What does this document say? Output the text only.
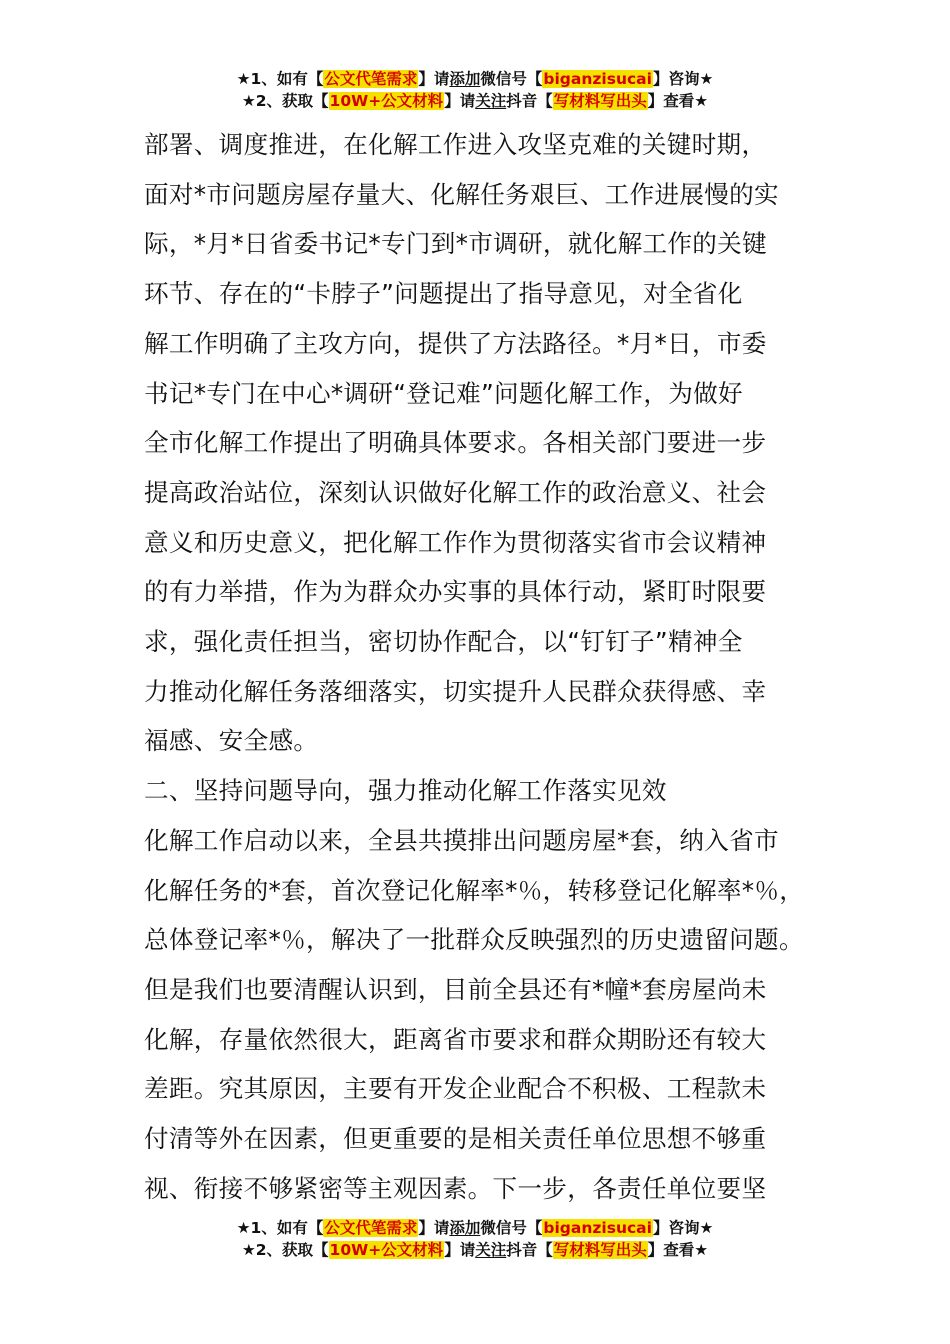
★1、如有【公文代笔需求】请添加微信号【biganzisucai】咨询★
★2、获取【10W+公文材料】请关注抖音【写材料写出头】查看★

部署、调度推进，在化解工作进入攻坚克难的关键时期，

面对*市问题房屋存量大、化解任务艰巨、工作进展慢的实

际，*月*日省委书记*专门到*市调研，就化解工作的关键

环节、存在的“卡脖子”问题提出了指导意见，对全省化

解工作明确了主攻方向，提供了方法路径。*月*日，市委

书记*专门在中心*调研“登记难”问题化解工作，为做好

全市化解工作提出了明确具体要求。各相关部门要进一步

提高政治站位，深刻认识做好化解工作的政治意义、社会

意义和历史意义，把化解工作作为贯彻落实省市会议精神

的有力举措，作为为群众办实事的具体行动，紧盯时限要

求，强化责任担当，密切协作配合，以“钉钉子”精神全

力推动化解任务落细落实，切实提升人民群众获得感、幸

福感、安全感。

二、坚持问题导向，强力推动化解工作落实见效

化解工作启动以来，全县共摸排出问题房屋*套，纳入省市

化解任务的*套，首次登记化解率*％，转移登记化解率*％，

总体登记率*％，解决了一批群众反映强烈的历史遗留问题。

但是我们也要清醒认识到，目前全县还有*幢*套房屋尚未

化解，存量依然很大，距离省市要求和群众期盼还有较大

差距。究其原因，主要有开发企业配合不积极、工程款未

付清等外在因素，但更重要的是相关责任单位思想不够重

视、衔接不够紧密等主观因素。下一步，各责任单位要坚

★1、如有【公文代笔需求】请添加微信号【biganzisucai】咨询★
★2、获取【10W+公文材料】请关注抖音【写材料写出头】查看★
